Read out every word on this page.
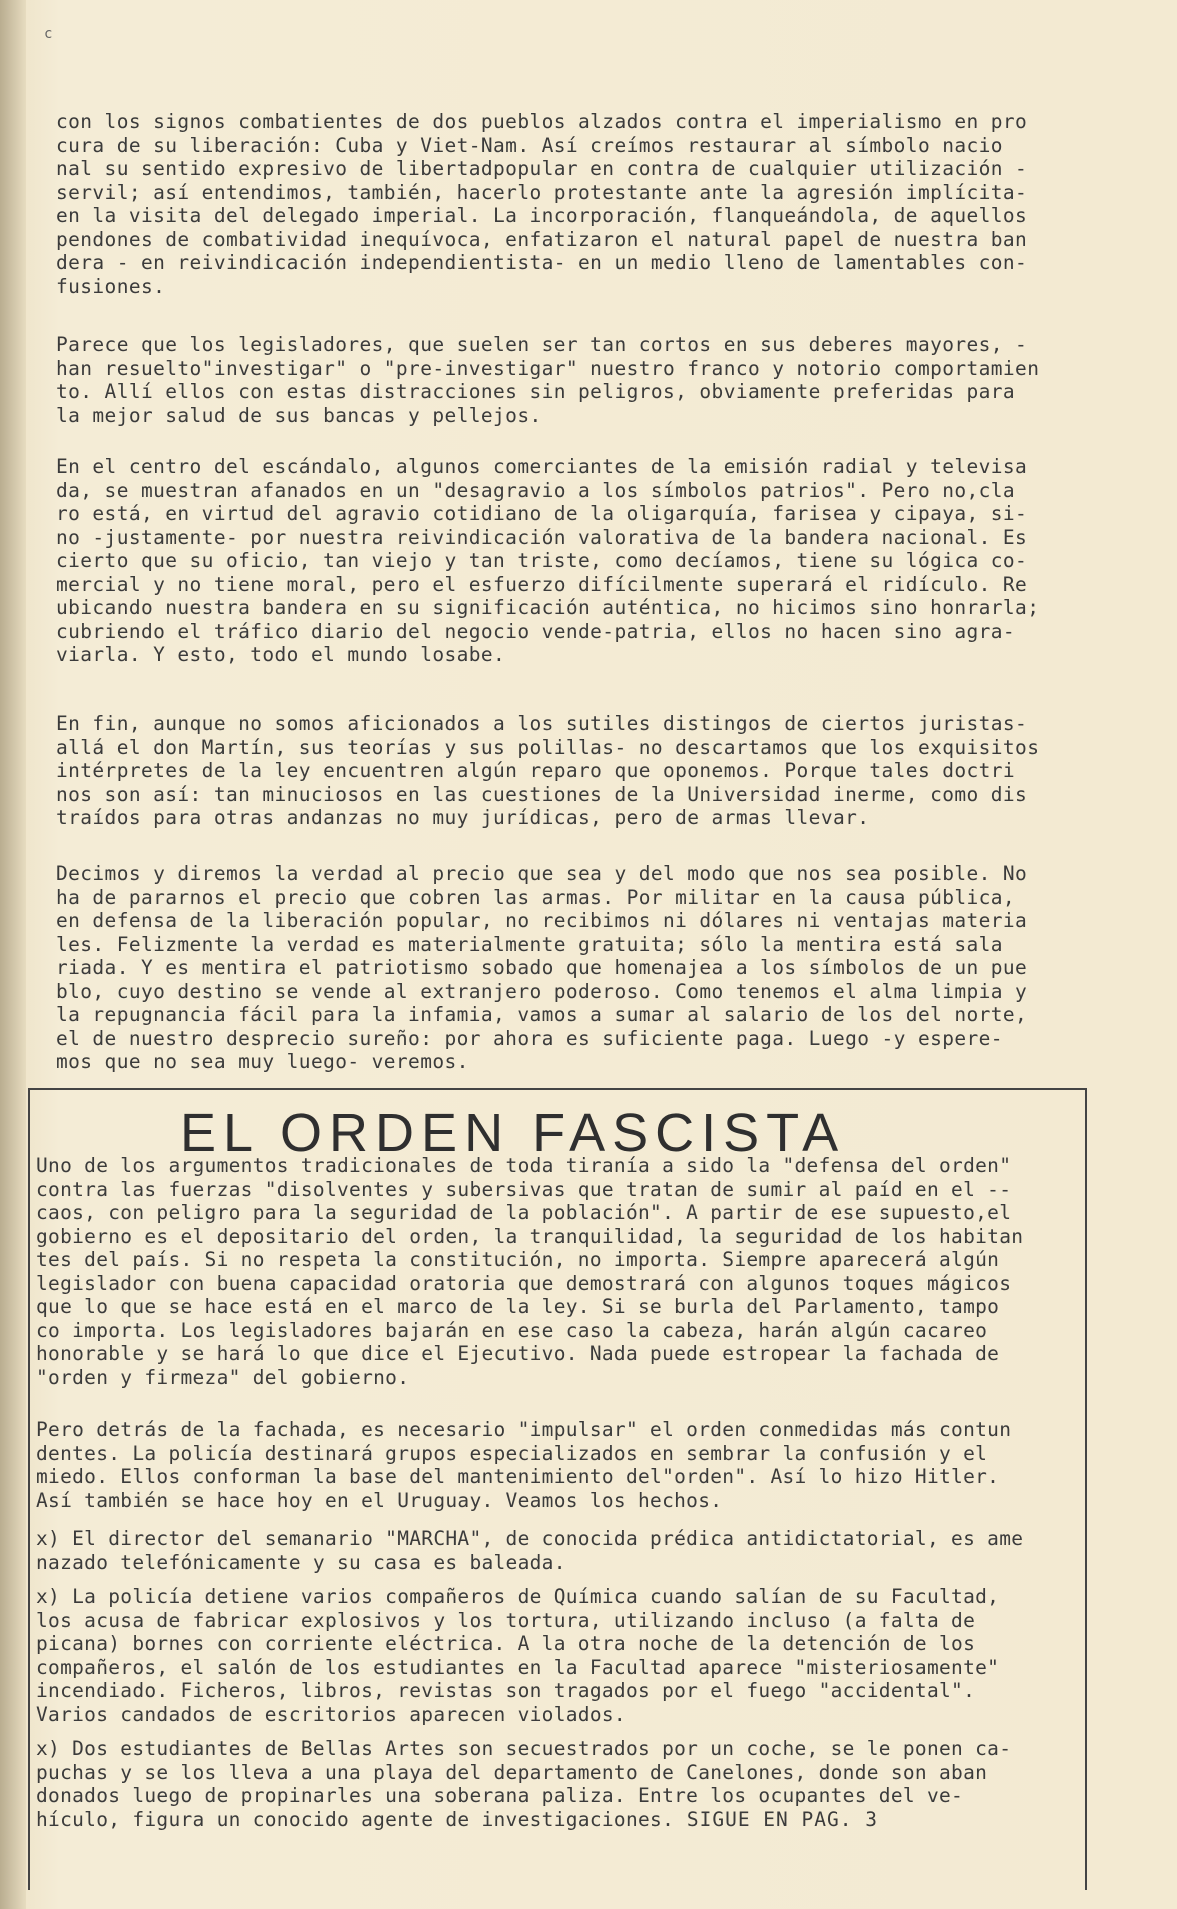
c
con los signos combatientes de dos pueblos alzados contra el imperialismo en pro
cura de su liberación: Cuba y Viet-Nam. Así creímos restaurar al símbolo nacio
nal su sentido expresivo de libertadpopular en contra de cualquier utilización -
servil; así entendimos, también, hacerlo protestante ante la agresión implícita-
en la visita del delegado imperial. La incorporación, flanqueándola, de aquellos
pendones de combatividad inequívoca, enfatizaron el natural papel de nuestra ban
dera - en reivindicación independientista- en un medio lleno de lamentables con-
fusiones.
Parece que los legisladores, que suelen ser tan cortos en sus deberes mayores, -
han resuelto"investigar" o "pre-investigar" nuestro franco y notorio comportamien
to. Allí ellos con estas distracciones sin peligros, obviamente preferidas para
la mejor salud de sus bancas y pellejos.
En el centro del escándalo, algunos comerciantes de la emisión radial y televisa
da, se muestran afanados en un "desagravio a los símbolos patrios". Pero no,cla
ro está, en virtud del agravio cotidiano de la oligarquía, farisea y cipaya, si-
no -justamente- por nuestra reivindicación valorativa de la bandera nacional. Es
cierto que su oficio, tan viejo y tan triste, como decíamos, tiene su lógica co-
mercial y no tiene moral, pero el esfuerzo difícilmente superará el ridículo. Re
ubicando nuestra bandera en su significación auténtica, no hicimos sino honrarla;
cubriendo el tráfico diario del negocio vende-patria, ellos no hacen sino agra-
viarla. Y esto, todo el mundo losabe.
En fin, aunque no somos aficionados a los sutiles distingos de ciertos juristas-
allá el don Martín, sus teorías y sus polillas- no descartamos que los exquisitos
intérpretes de la ley encuentren algún reparo que oponemos. Porque tales doctri
nos son así: tan minuciosos en las cuestiones de la Universidad inerme, como dis
traídos para otras andanzas no muy jurídicas, pero de armas llevar.
Decimos y diremos la verdad al precio que sea y del modo que nos sea posible. No
ha de pararnos el precio que cobren las armas. Por militar en la causa pública,
en defensa de la liberación popular, no recibimos ni dólares ni ventajas materia
les. Felizmente la verdad es materialmente gratuita; sólo la mentira está sala
riada. Y es mentira el patriotismo sobado que homenajea a los símbolos de un pue
blo, cuyo destino se vende al extranjero poderoso. Como tenemos el alma limpia y
la repugnancia fácil para la infamia, vamos a sumar al salario de los del norte,
el de nuestro desprecio sureño: por ahora es suficiente paga. Luego -y espere-
mos que no sea muy luego- veremos.
EL ORDEN FASCISTA
Uno de los argumentos tradicionales de toda tiranía a sido la "defensa del orden"
contra las fuerzas "disolventes y subersivas que tratan de sumir al paíd en el --
caos, con peligro para la seguridad de la población". A partir de ese supuesto,el
gobierno es el depositario del orden, la tranquilidad, la seguridad de los habitan
tes del país. Si no respeta la constitución, no importa. Siempre aparecerá algún
legislador con buena capacidad oratoria que demostrará con algunos toques mágicos
que lo que se hace está en el marco de la ley. Si se burla del Parlamento, tampo
co importa. Los legisladores bajarán en ese caso la cabeza, harán algún cacareo
honorable y se hará lo que dice el Ejecutivo. Nada puede estropear la fachada de
"orden y firmeza" del gobierno.
Pero detrás de la fachada, es necesario "impulsar" el orden conmedidas más contun
dentes. La policía destinará grupos especializados en sembrar la confusión y el
miedo. Ellos conforman la base del mantenimiento del"orden". Así lo hizo Hitler.
Así también se hace hoy en el Uruguay. Veamos los hechos.
x) El director del semanario "MARCHA", de conocida prédica antidictatorial, es ame
nazado telefónicamente y su casa es baleada.
x) La policía detiene varios compañeros de Química cuando salían de su Facultad,
los acusa de fabricar explosivos y los tortura, utilizando incluso (a falta de
picana) bornes con corriente eléctrica. A la otra noche de la detención de los
compañeros, el salón de los estudiantes en la Facultad aparece "misteriosamente"
incendiado. Ficheros, libros, revistas son tragados por el fuego "accidental".
Varios candados de escritorios aparecen violados.
x) Dos estudiantes de Bellas Artes son secuestrados por un coche, se le ponen ca-
puchas y se los lleva a una playa del departamento de Canelones, donde son aban
donados luego de propinarles una soberana paliza. Entre los ocupantes del ve-
hículo, figura un conocido agente de investigaciones. SIGUE EN PAG. 3
